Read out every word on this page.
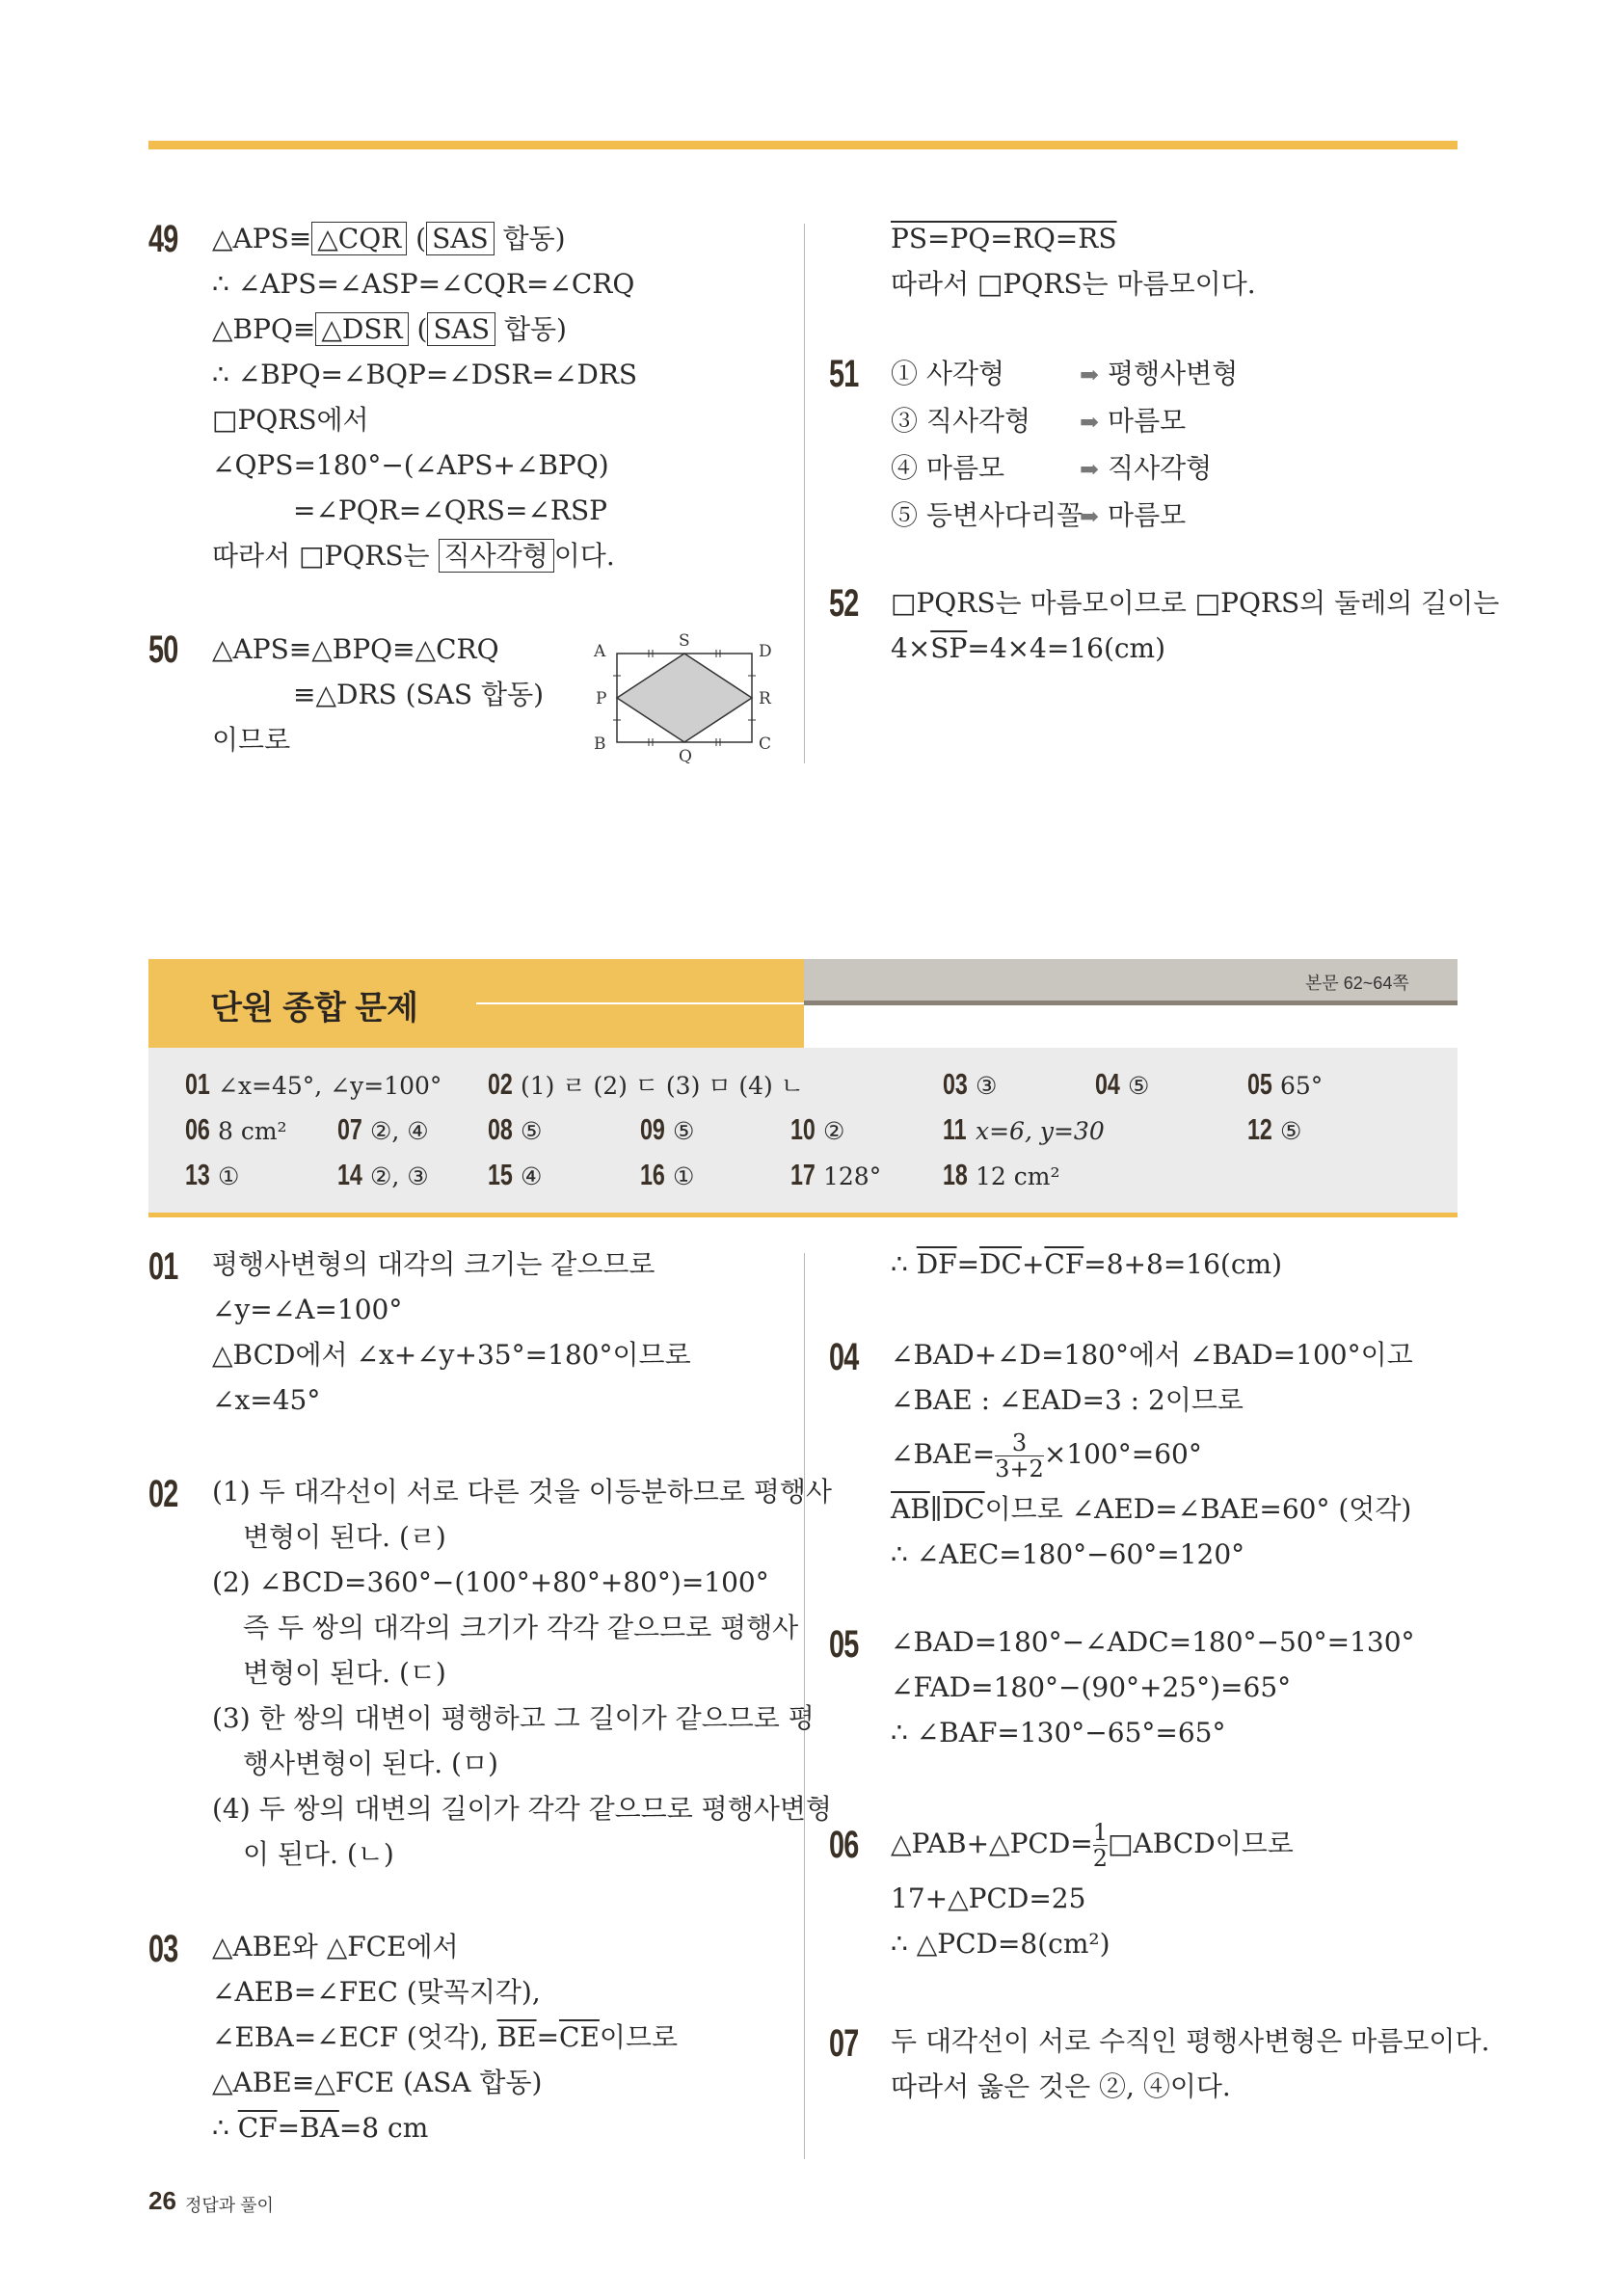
49 △APS≡ △CQR ( SAS 합동)
∴ ∠APS=∠ASP=∠CQR=∠CRQ
△BPQ≡ △DSR ( SAS 합동)
∴ ∠BPQ=∠BQP=∠DSR=∠DRS
□PQRS에서
∠QPS=180°−(∠APS+∠BPQ)
=∠PQR=∠QRS=∠RSP
따라서 □PQRS는 직사각형 이다.
50 △APS≡△BPQ≡△CRQ
≡△DRS (SAS 합동)
이므로
A
S
D
P	R
B
Q
C
PS=PQ=RQ=RS
따라서 □PQRS는 마름모이다.
51 ① 사각형	➡ 평행사변형
③ 직사각형 ➡ 마름모
④ 마름모	➡ 직사각형
⑤ 등변사다리꼴➡ 마름모
52 □PQRS는 마름모이므로 □PQRS의 둘레의 길이는
$4\times\overline{SP}=4\times 4=16(cm)$
단원 종합 문제
본문 62~64쪽
01 ∠x=45°, ∠y=100° 02 (1) ㄹ (2) ㄷ (3) ㅁ (4) ㄴ	03 ③	04 ⑤	05 65°
06 8 cm² 07 ②, ④ 08 ⑤	09 ⑤	10 ②	11 x=6, y=30	12 ⑤
13 ①	14 ②, ③ 15 ④	16 ①	17 128° 18 12 cm²
01 평행사변형의 대각의 크기는 같으므로
∠y=∠A=100°
△BCD에서 ∠x+∠y+35°=180°이므로
∠x=45°
02 (1) 두 대각선이 서로 다른 것을 이등분하므로 평행사
변형이 된다. (ㄹ)
(2) ∠BCD=360°−(100°+80°+80°)=100°
즉 두 쌍의 대각의 크기가 각각 같으므로 평행사
변형이 된다. (ㄷ)
(3) 한 쌍의 대변이 평행하고 그 길이가 같으므로 평
행사변형이 된다. (ㅁ)
(4) 두 쌍의 대변의 길이가 각각 같으므로 평행사변형
이 된다. (ㄴ)
03 △ABE와 △FCE에서
∠AEB=∠FEC (맞꼭지각),
∠EBA=∠ECF (엇각), $\overline{BE}=\overline{CE}$이므로
△ABE≡△FCE (ASA 합동)
∴ $\overline{CF}=\overline{BA}=8$ cm
∴ $\overline{DF}=\overline{DC}+\overline{CF}=8+8=16(cm)$
04 ∠BAD+∠D=180°에서 ∠BAD=100°이고
∠BAE : ∠EAD=3 : 2이므로
∠BAE= $\frac{3}{3+2} \times 100^\circ=60^\circ$
$\overline{AB}\parallel\overline{DC}$이므로 ∠AED=∠BAE=60° (엇각)
∴ ∠AEC=180°−60°=120°
05 ∠BAD=180°−∠ADC=180°−50°=130°
∠FAD=180°−(90°+25°)=65°
∴ ∠BAF=130°−65°=65°
06 △PAB+△PCD= $\frac{1}{2}$ □ABCD이므로
17+△PCD=25
∴ △PCD=8(cm²)
07 두 대각선이 서로 수직인 평행사변형은 마름모이다.
따라서 옳은 것은 ②, ④이다.
26 정답과 풀이
